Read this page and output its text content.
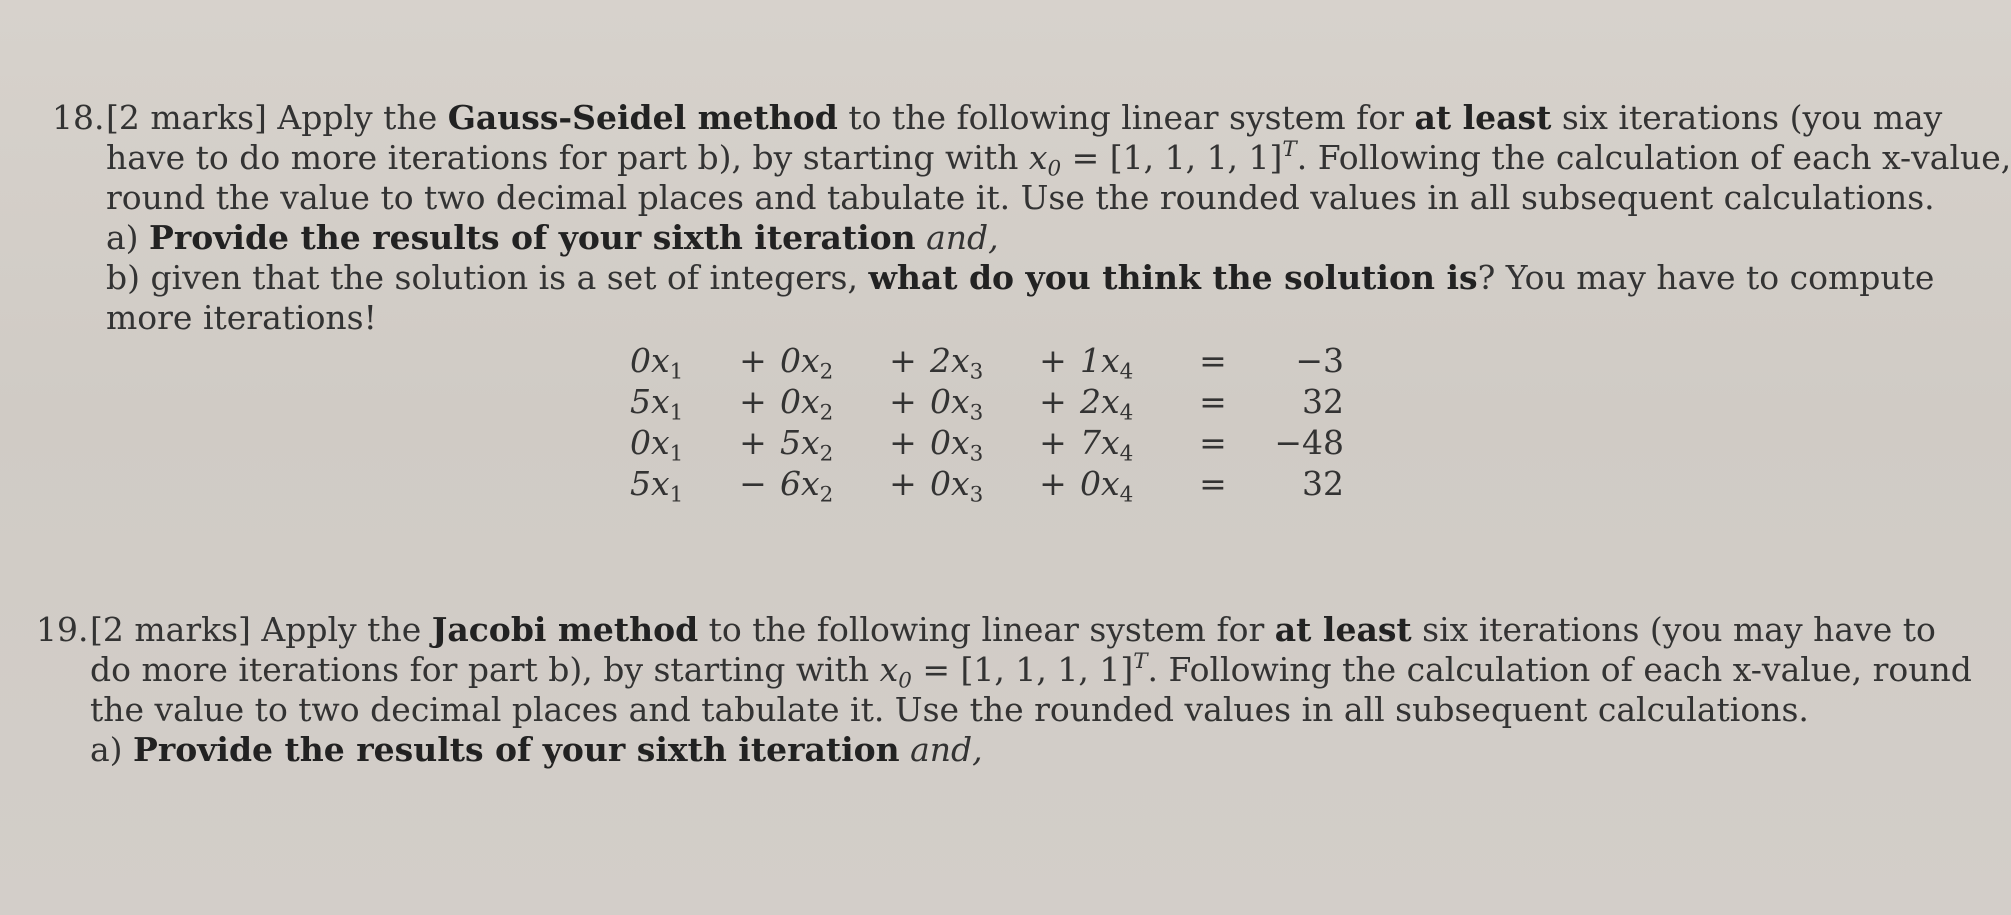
18.[2 marks] Apply the Gauss-Seidel method to the following linear system for at least six iterations (you may
have to do more iterations for part b), by starting with $x_0 = [1$, 1, 1, 1]$^T$. Following the calculation of each x-value,
round the value to two decimal places and tabulate it. Use the rounded values in all subsequent calculations.
a) Provide the results of your sixth iteration and,
b) given that the solution is a set of integers, what do you think the solution is? You may have to compute
more iterations!
$0x_1$	+	$0x_2$	+	$2x_3$	+	$1x_4$	=	−3
$5x_1$	+	$0x_2$	+	$0x_3$	+	$2x_4$	=	32
$0x_1$	+	$5x_2$	+	$0x_3$	+	$7x_4$	=	−48
$5x_1$	−	$6x_2$	+	$0x_3$	+	$0x_4$	=	32
19.[2 marks] Apply the Jacobi method to the following linear system for at least six iterations (you may have to
do more iterations for part b), by starting with $x_0 = [1$, 1, 1, 1]$^T$. Following the calculation of each x-value, round
the value to two decimal places and tabulate it. Use the rounded values in all subsequent calculations.
a) Provide the results of your sixth iteration and,
